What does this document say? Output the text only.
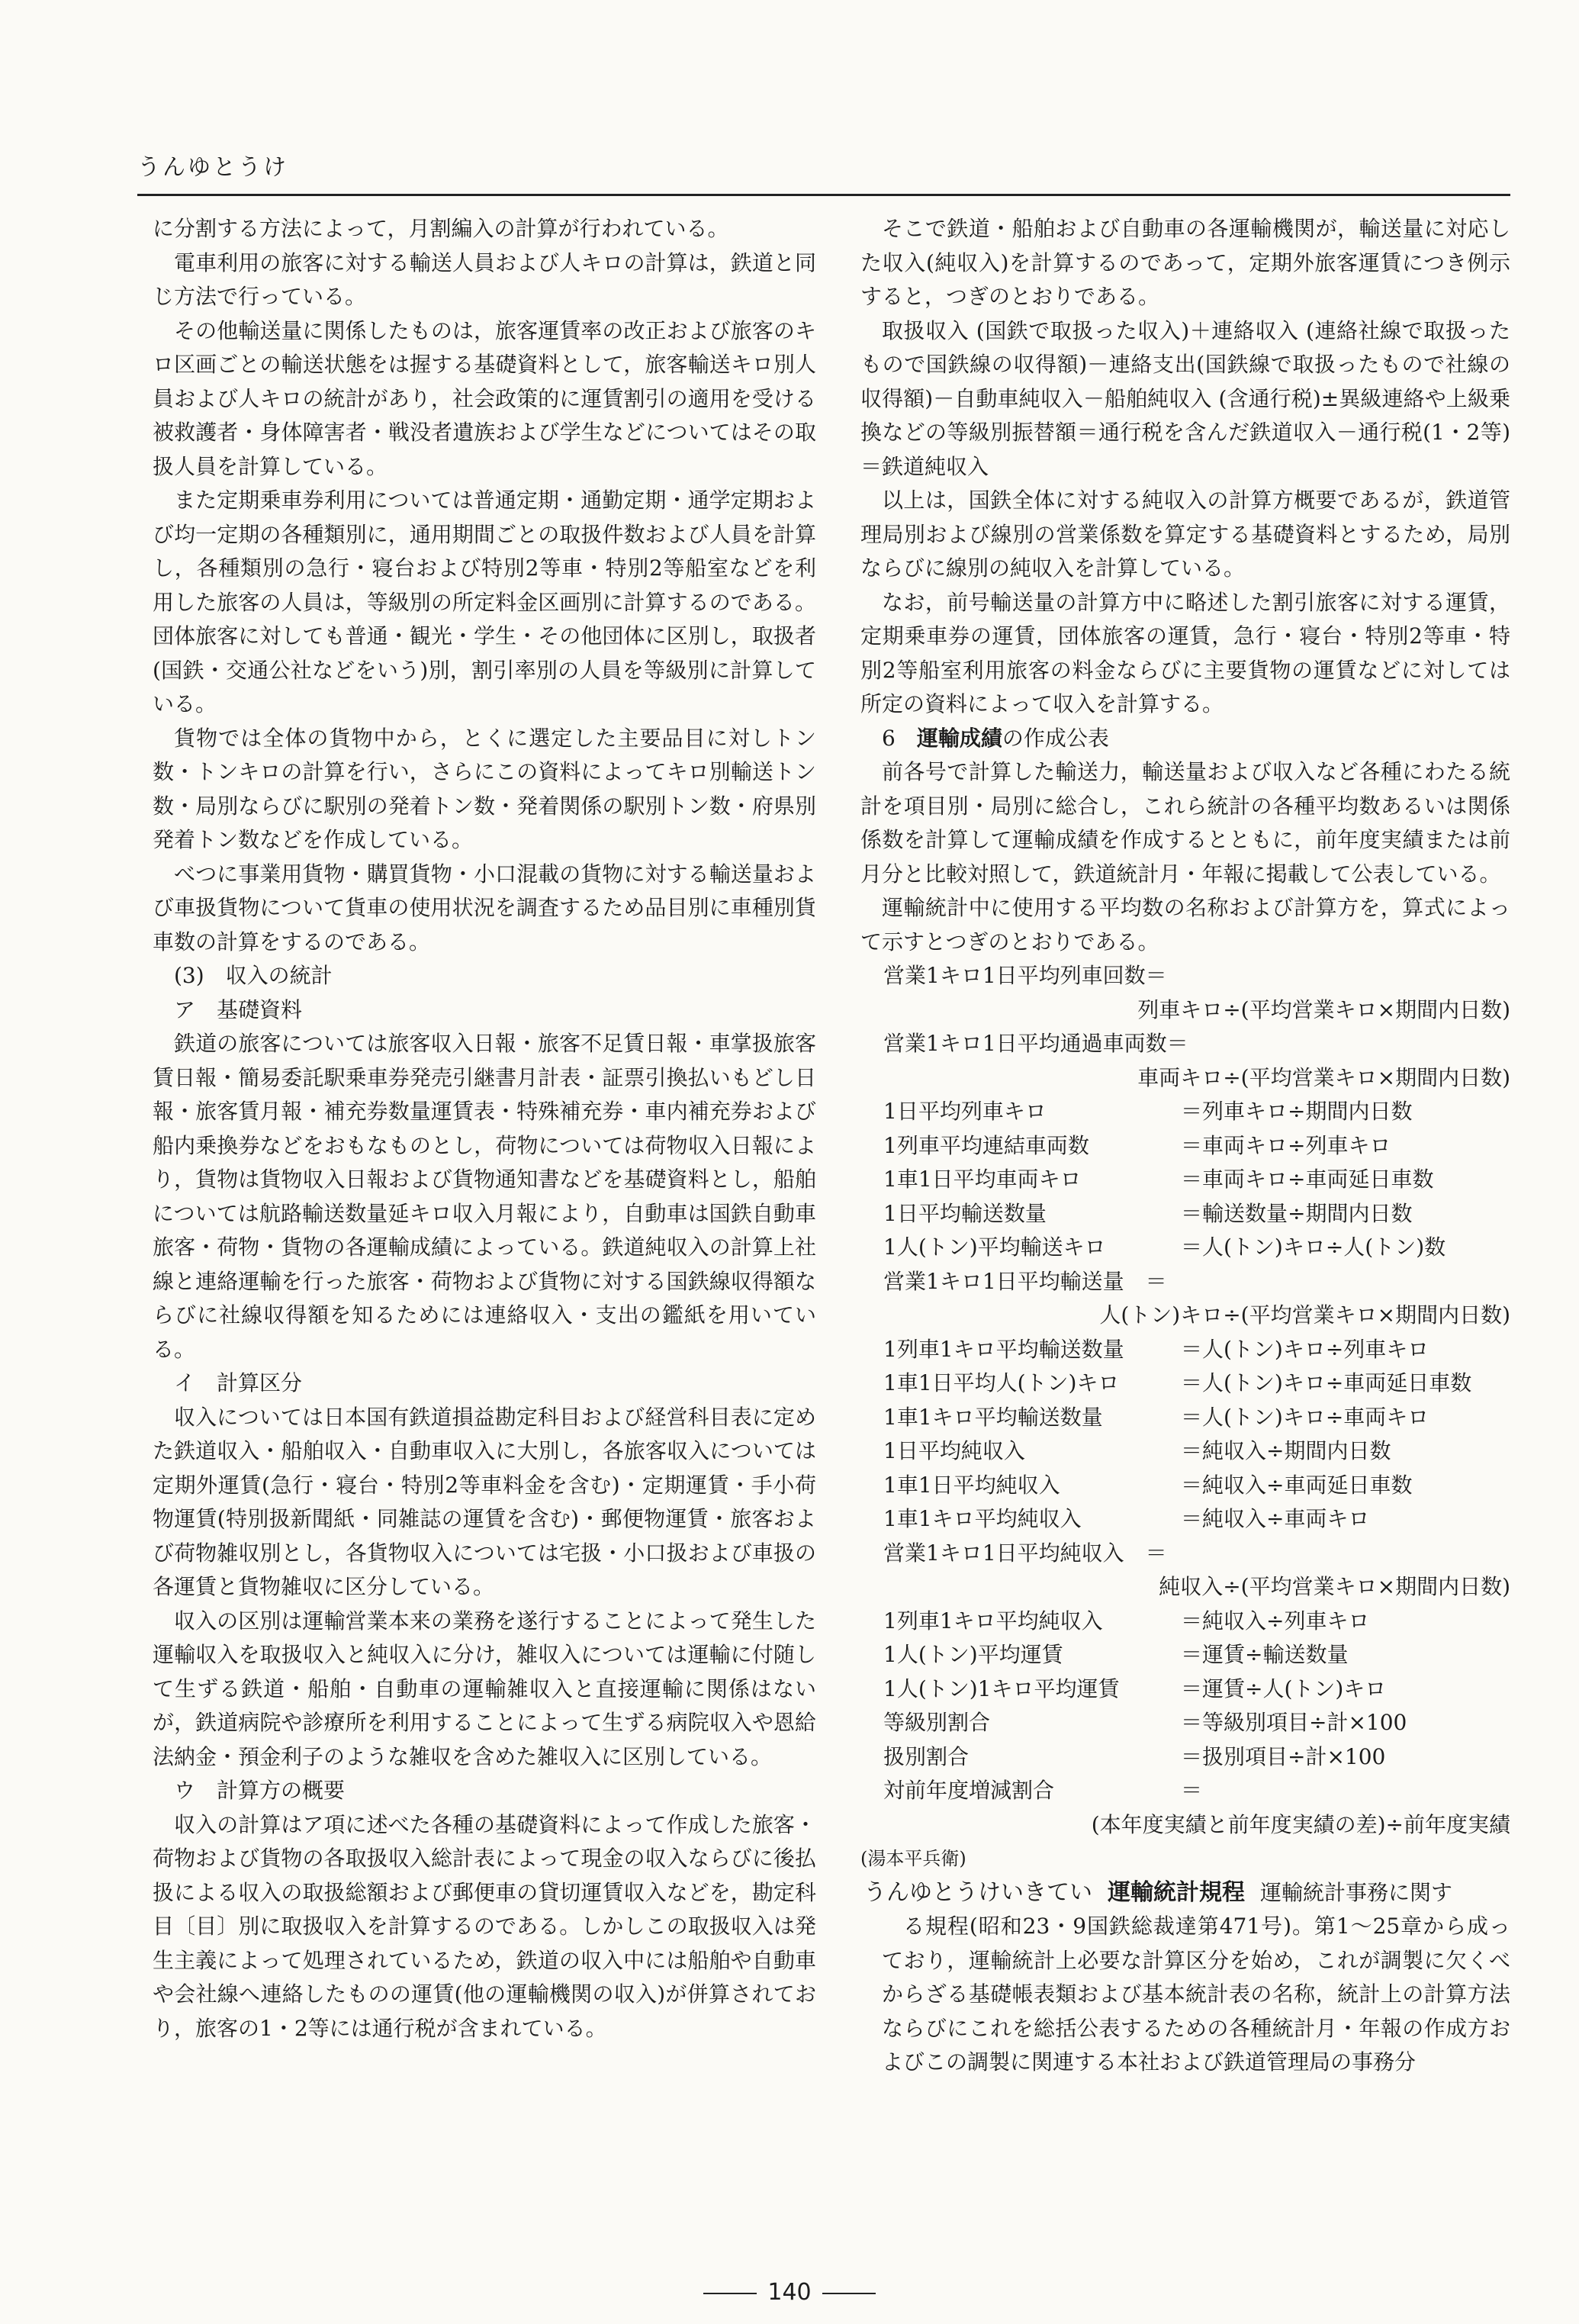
うんゆとうけ

に分割する方法によって，月割編入の計算が行われている。

電車利用の旅客に対する輸送人員および人キロの計算は，鉄道と同じ方法で行っている。

その他輸送量に関係したものは，旅客運賃率の改正および旅客のキロ区画ごとの輸送状態をは握する基礎資料として，旅客輸送キロ別人員および人キロの統計があり，社会政策的に運賃割引の適用を受ける被救護者・身体障害者・戦没者遺族および学生などについてはその取扱人員を計算している。

また定期乗車券利用については普通定期・通勤定期・通学定期および均一定期の各種類別に，通用期間ごとの取扱件数および人員を計算し，各種類別の急行・寝台および特別2等車・特別2等船室などを利用した旅客の人員は，等級別の所定料金区画別に計算するのである。団体旅客に対しても普通・観光・学生・その他団体に区別し，取扱者(国鉄・交通公社などをいう)別，割引率別の人員を等級別に計算している。

貨物では全体の貨物中から，とくに選定した主要品目に対しトン数・トンキロの計算を行い，さらにこの資料によってキロ別輸送トン数・局別ならびに駅別の発着トン数・発着関係の駅別トン数・府県別発着トン数などを作成している。

べつに事業用貨物・購買貨物・小口混載の貨物に対する輸送量および車扱貨物について貨車の使用状況を調査するため品目別に車種別貨車数の計算をするのである。

(3)　収入の統計

ア　基礎資料

鉄道の旅客については旅客収入日報・旅客不足賃日報・車掌扱旅客賃日報・簡易委託駅乗車券発売引継書月計表・証票引換払いもどし日報・旅客賃月報・補充券数量運賃表・特殊補充券・車内補充券および船内乗換券などをおもなものとし，荷物については荷物収入日報により，貨物は貨物収入日報および貨物通知書などを基礎資料とし，船舶については航路輸送数量延キロ収入月報により，自動車は国鉄自動車旅客・荷物・貨物の各運輸成績によっている。鉄道純収入の計算上社線と連絡運輸を行った旅客・荷物および貨物に対する国鉄線収得額ならびに社線収得額を知るためには連絡収入・支出の鑑紙を用いている。

イ　計算区分

収入については日本国有鉄道損益勘定科目および経営科目表に定めた鉄道収入・船舶収入・自動車収入に大別し，各旅客収入については定期外運賃(急行・寝台・特別2等車料金を含む)・定期運賃・手小荷物運賃(特別扱新聞紙・同雑誌の運賃を含む)・郵便物運賃・旅客および荷物雑収別とし，各貨物収入については宅扱・小口扱および車扱の各運賃と貨物雑収に区分している。

収入の区別は運輸営業本来の業務を遂行することによって発生した運輸収入を取扱収入と純収入に分け，雑収入については運輸に付随して生ずる鉄道・船舶・自動車の運輸雑収入と直接運輸に関係はないが，鉄道病院や診療所を利用することによって生ずる病院収入や恩給法納金・預金利子のような雑収を含めた雑収入に区別している。

ウ　計算方の概要

収入の計算はア項に述べた各種の基礎資料によって作成した旅客・荷物および貨物の各取扱収入総計表によって現金の収入ならびに後払扱による収入の取扱総額および郵便車の貸切運賃収入などを，勘定科目〔目〕別に取扱収入を計算するのである。しかしこの取扱収入は発生主義によって処理されているため，鉄道の収入中には船舶や自動車や会社線へ連絡したものの運賃(他の運輸機関の収入)が併算されており，旅客の1・2等には通行税が含まれている。

そこで鉄道・船舶および自動車の各運輸機関が，輸送量に対応した収入(純収入)を計算するのであって，定期外旅客運賃につき例示すると，つぎのとおりである。

取扱収入 (国鉄で取扱った収入)＋連絡収入 (連絡社線で取扱ったもので国鉄線の収得額)－連絡支出(国鉄線で取扱ったもので社線の収得額)－自動車純収入－船舶純収入 (含通行税)±異級連絡や上級乗換などの等級別振替額＝通行税を含んだ鉄道収入－通行税(1・2等)＝鉄道純収入

以上は，国鉄全体に対する純収入の計算方概要であるが，鉄道管理局別および線別の営業係数を算定する基礎資料とするため，局別ならびに線別の純収入を計算している。

なお，前号輸送量の計算方中に略述した割引旅客に対する運賃，定期乗車券の運賃，団体旅客の運賃，急行・寝台・特別2等車・特別2等船室利用旅客の料金ならびに主要貨物の運賃などに対しては所定の資料によって収入を計算する。

6　 運輸成績の作成公表

前各号で計算した輸送力，輸送量および収入など各種にわたる統計を項目別・局別に総合し，これら統計の各種平均数あるいは関係係数を計算して運輸成績を作成するとともに，前年度実績または前月分と比較対照して，鉄道統計月・年報に掲載して公表している。

運輸統計中に使用する平均数の名称および計算方を，算式によって示すとつぎのとおりである。

営業1キロ1日平均列車回数＝
列車キロ÷(平均営業キロ×期間内日数)
営業1キロ1日平均通過車両数＝
車両キロ÷(平均営業キロ×期間内日数)
1日平均列車キロ	＝列車キロ÷期間内日数
1列車平均連結車両数	＝車両キロ÷列車キロ
1車1日平均車両キロ	＝車両キロ÷車両延日車数
1日平均輸送数量	＝輸送数量÷期間内日数
1人(トン)平均輸送キロ	＝人(トン)キロ÷人(トン)数
営業1キロ1日平均輸送量　＝
人(トン)キロ÷(平均営業キロ×期間内日数)
1列車1キロ平均輸送数量	＝人(トン)キロ÷列車キロ
1車1日平均人(トン)キロ	＝人(トン)キロ÷車両延日車数
1車1キロ平均輸送数量	＝人(トン)キロ÷車両キロ
1日平均純収入	＝純収入÷期間内日数
1車1日平均純収入	＝純収入÷車両延日車数
1車1キロ平均純収入	＝純収入÷車両キロ
営業1キロ1日平均純収入　＝
純収入÷(平均営業キロ×期間内日数)
1列車1キロ平均純収入	＝純収入÷列車キロ
1人(トン)平均運賃	＝運賃÷輸送数量
1人(トン)1キロ平均運賃	＝運賃÷人(トン)キロ
等級別割合	＝等級別項目÷計×100
扱別割合	＝扱別項目÷計×100
対前年度増減割合	＝
(本年度実績と前年度実績の差)÷前年度実績
(湯本平兵衛)

うんゆとうけいきてい 運輸統計規程 運輸統計事務に関す

る規程(昭和23・9国鉄総裁達第471号)。第1～25章から成っており，運輸統計上必要な計算区分を始め，これが調製に欠くべからざる基礎帳表類および基本統計表の名称，統計上の計算方法ならびにこれを総括公表するための各種統計月・年報の作成方およびこの調製に関連する本社および鉄道管理局の事務分

140
